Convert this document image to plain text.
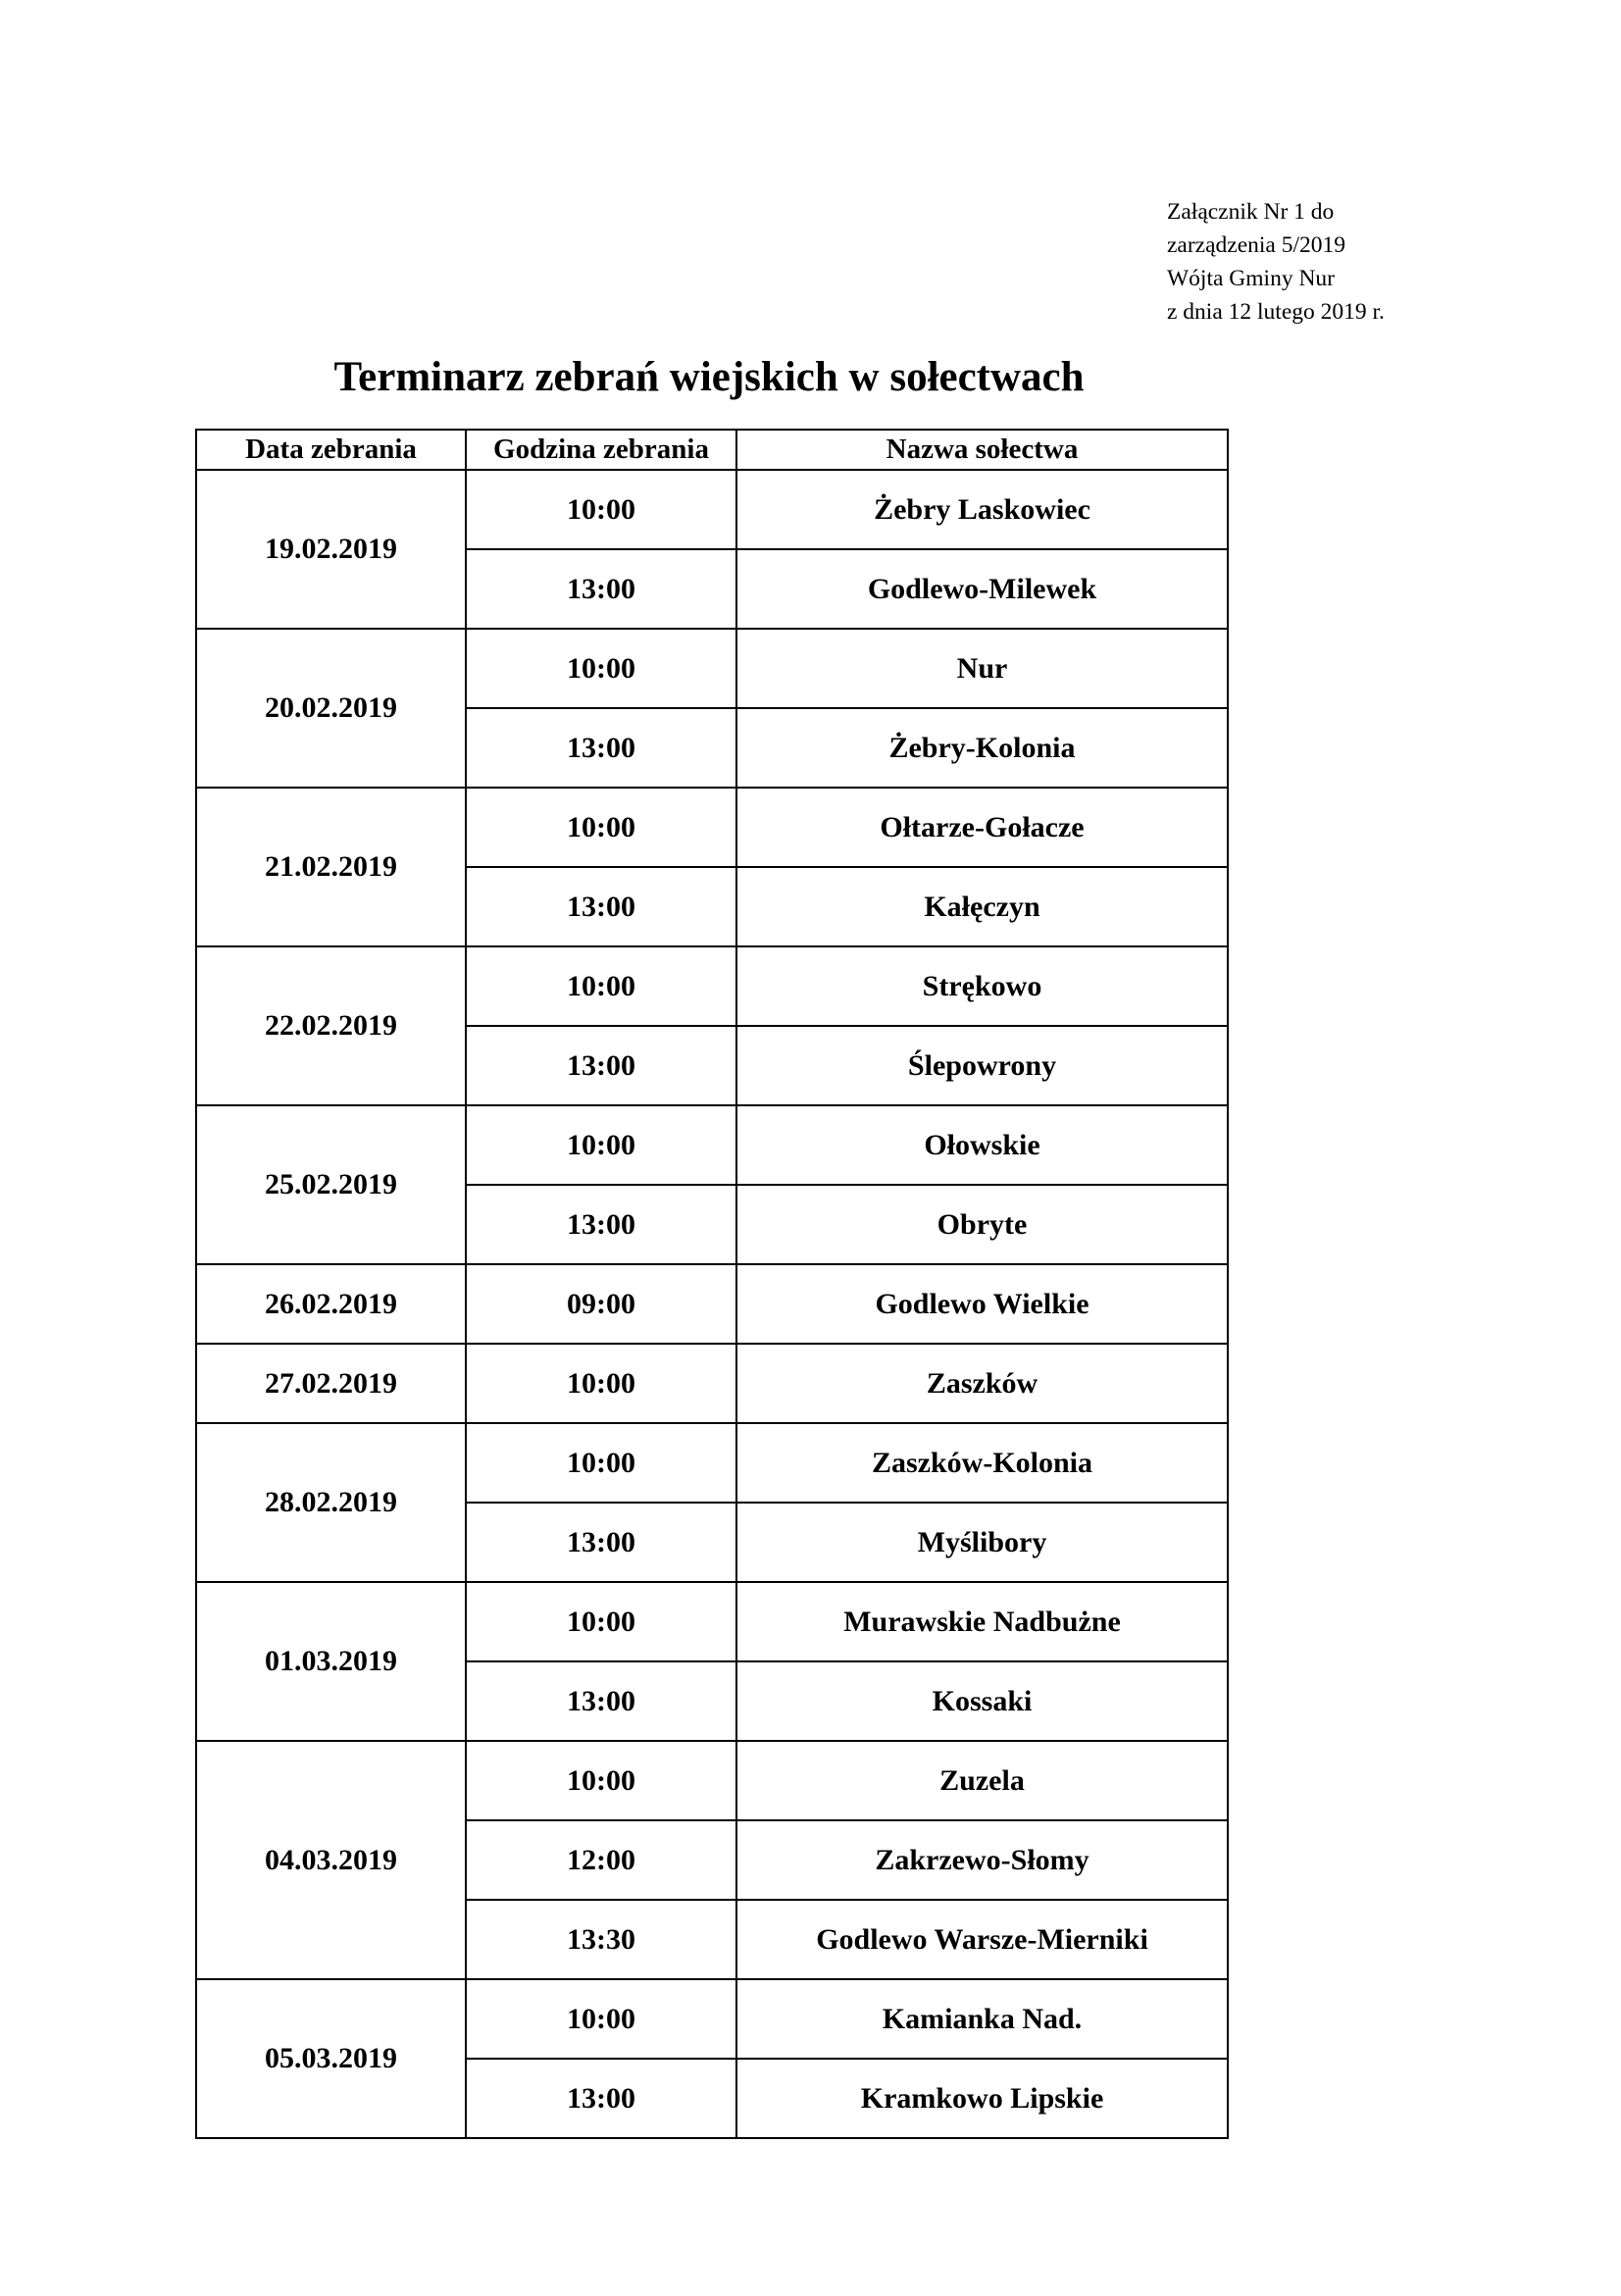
Załącznik Nr 1 do
zarządzenia 5/2019
Wójta Gminy Nur
z dnia 12 lutego 2019 r.
Terminarz zebrań wiejskich w sołectwach
Data zebrania	Godzina zebrania	Nazwa sołectwa
19.02.2019	10:00	Żebry Laskowiec
	13:00	Godlewo-Milewek
20.02.2019	10:00	Nur
	13:00	Żebry-Kolonia
21.02.2019	10:00	Ołtarze-Gołacze
	13:00	Kałęczyn
22.02.2019	10:00	Strękowo
	13:00	Ślepowrony
25.02.2019	10:00	Ołowskie
	13:00	Obryte
26.02.2019	09:00	Godlewo Wielkie
27.02.2019	10:00	Zaszków
28.02.2019	10:00	Zaszków-Kolonia
	13:00	Myślibory
01.03.2019	10:00	Murawskie Nadbużne
	13:00	Kossaki
04.03.2019	10:00	Zuzela
	12:00	Zakrzewo-Słomy
	13:30	Godlewo Warsze-Mierniki
05.03.2019	10:00	Kamianka Nad.
	13:00	Kramkowo Lipskie
